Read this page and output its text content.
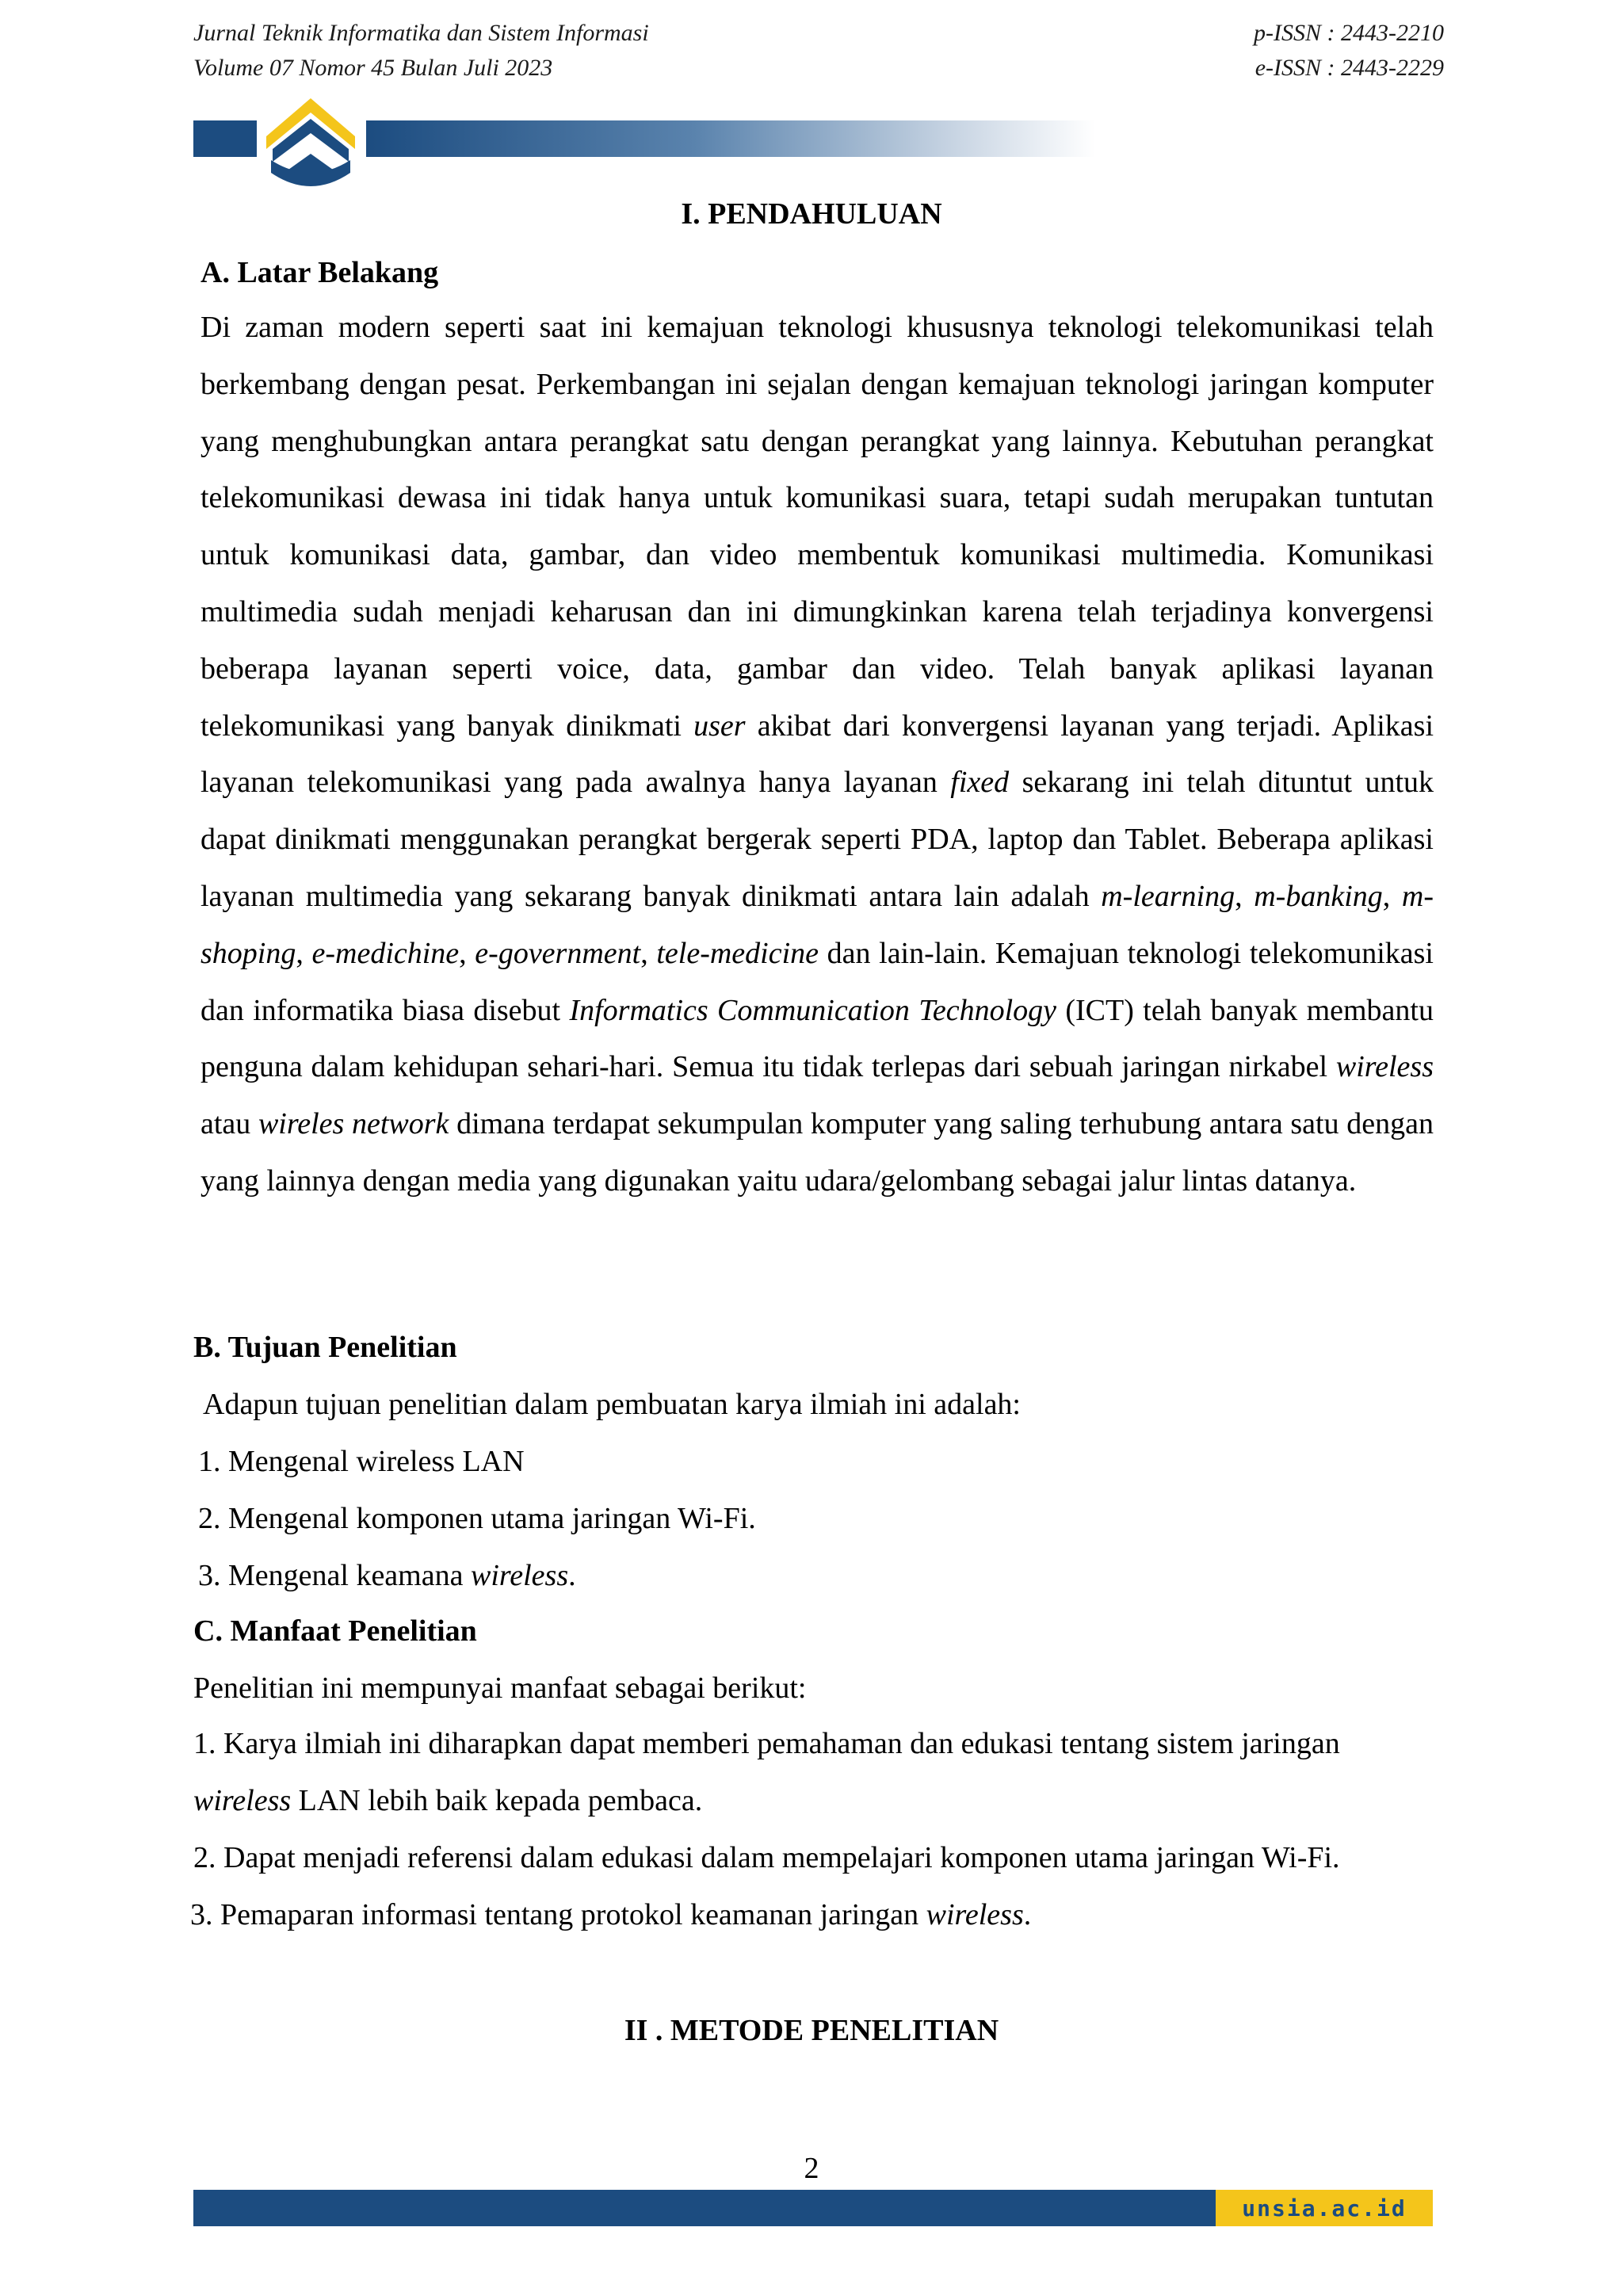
Jurnal Teknik Informatika dan Sistem Informasi
Volume 07 Nomor 45 Bulan Juli 2023
p-ISSN : 2443-2210
e-ISSN : 2443-2229
I. PENDAHULUAN
A. Latar Belakang
Di zaman modern seperti saat ini kemajuan teknologi khususnya teknologi telekomunikasi telah berkembang dengan pesat. Perkembangan ini sejalan dengan kemajuan teknologi jaringan komputer yang menghubungkan antara perangkat satu dengan perangkat yang lainnya. Kebutuhan perangkat telekomunikasi dewasa ini tidak hanya untuk komunikasi suara, tetapi sudah merupakan tuntutan untuk komunikasi data, gambar, dan video membentuk komunikasi multimedia. Komunikasi multimedia sudah menjadi keharusan dan ini dimungkinkan karena telah terjadinya konvergensi beberapa layanan seperti voice, data, gambar dan video. Telah banyak aplikasi layanan telekomunikasi yang banyak dinikmati user akibat dari konvergensi layanan yang terjadi. Aplikasi layanan telekomunikasi yang pada awalnya hanya layanan fixed sekarang ini telah dituntut untuk dapat dinikmati menggunakan perangkat bergerak seperti PDA, laptop dan Tablet. Beberapa aplikasi layanan multimedia yang sekarang banyak dinikmati antara lain adalah m-learning, m-banking, m-shoping, e-medichine, e-government, tele-medicine dan lain-lain. Kemajuan teknologi telekomunikasi dan informatika biasa disebut Informatics Communication Technology (ICT) telah banyak membantu penguna dalam kehidupan sehari-hari. Semua itu tidak terlepas dari sebuah jaringan nirkabel wireless atau wireles network dimana terdapat sekumpulan komputer yang saling terhubung antara satu dengan yang lainnya dengan media yang digunakan yaitu udara/gelombang sebagai jalur lintas datanya.
B. Tujuan Penelitian
Adapun tujuan penelitian dalam pembuatan karya ilmiah ini adalah:
1. Mengenal wireless LAN
2. Mengenal komponen utama jaringan Wi-Fi.
3. Mengenal keamana wireless.
C. Manfaat Penelitian
Penelitian ini mempunyai manfaat sebagai berikut:
1. Karya ilmiah ini diharapkan dapat memberi pemahaman dan edukasi tentang sistem jaringan
wireless LAN lebih baik kepada pembaca.
2. Dapat menjadi referensi dalam edukasi dalam mempelajari komponen utama jaringan Wi-Fi.
3. Pemaparan informasi tentang protokol keamanan jaringan wireless.
II . METODE PENELITIAN
2
unsia.ac.id
